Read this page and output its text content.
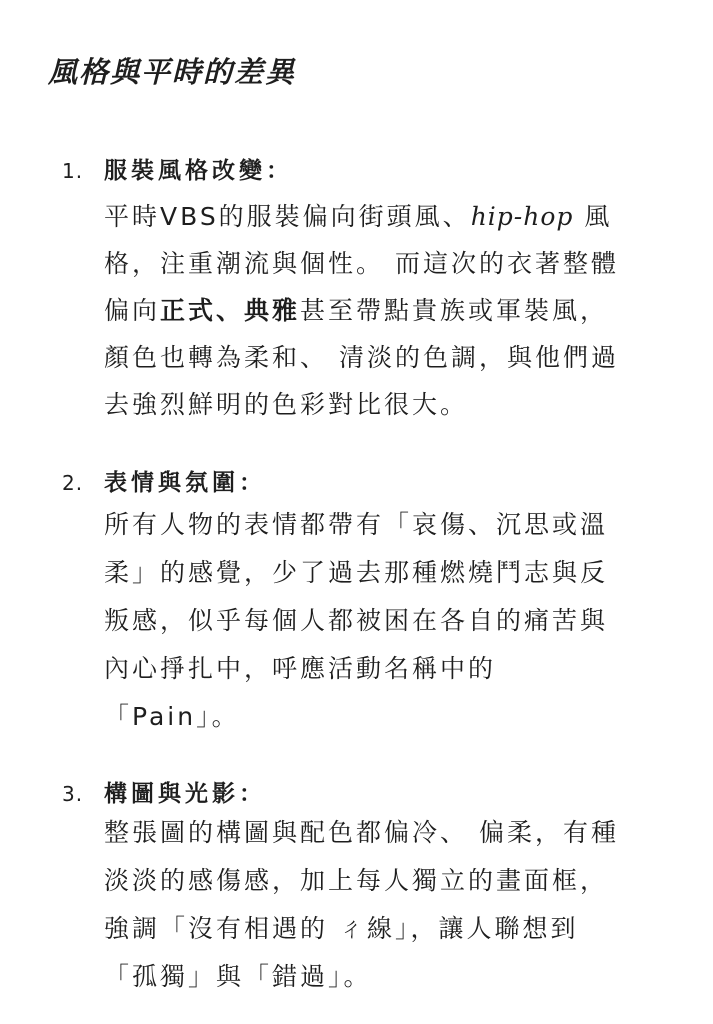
風格與平時的差異
1. 服裝風格改變：
平時VBS的服裝偏向街頭風、hip-hop 風
格，注重潮流與個性。 而這次的衣著整體
偏向正式、典雅甚至帶點貴族或軍裝風，
顏色也轉為柔和、 清淡的色調，與他們過
去強烈鮮明的色彩對比很大。
2. 表情與氛圍：
所有人物的表情都帶有「哀傷、沉思或溫
柔」的感覺，少了過去那種燃燒鬥志與反
叛感，似乎每個人都被困在各自的痛苦與
內心掙扎中，呼應活動名稱中的
「Pain」。
3. 構圖與光影：
整張圖的構圖與配色都偏冷、 偏柔，有種
淡淡的感傷感，加上每人獨立的畫面框，
強調「沒有相遇的 ㄔ線」，讓人聯想到
「孤獨」與「錯過」。
